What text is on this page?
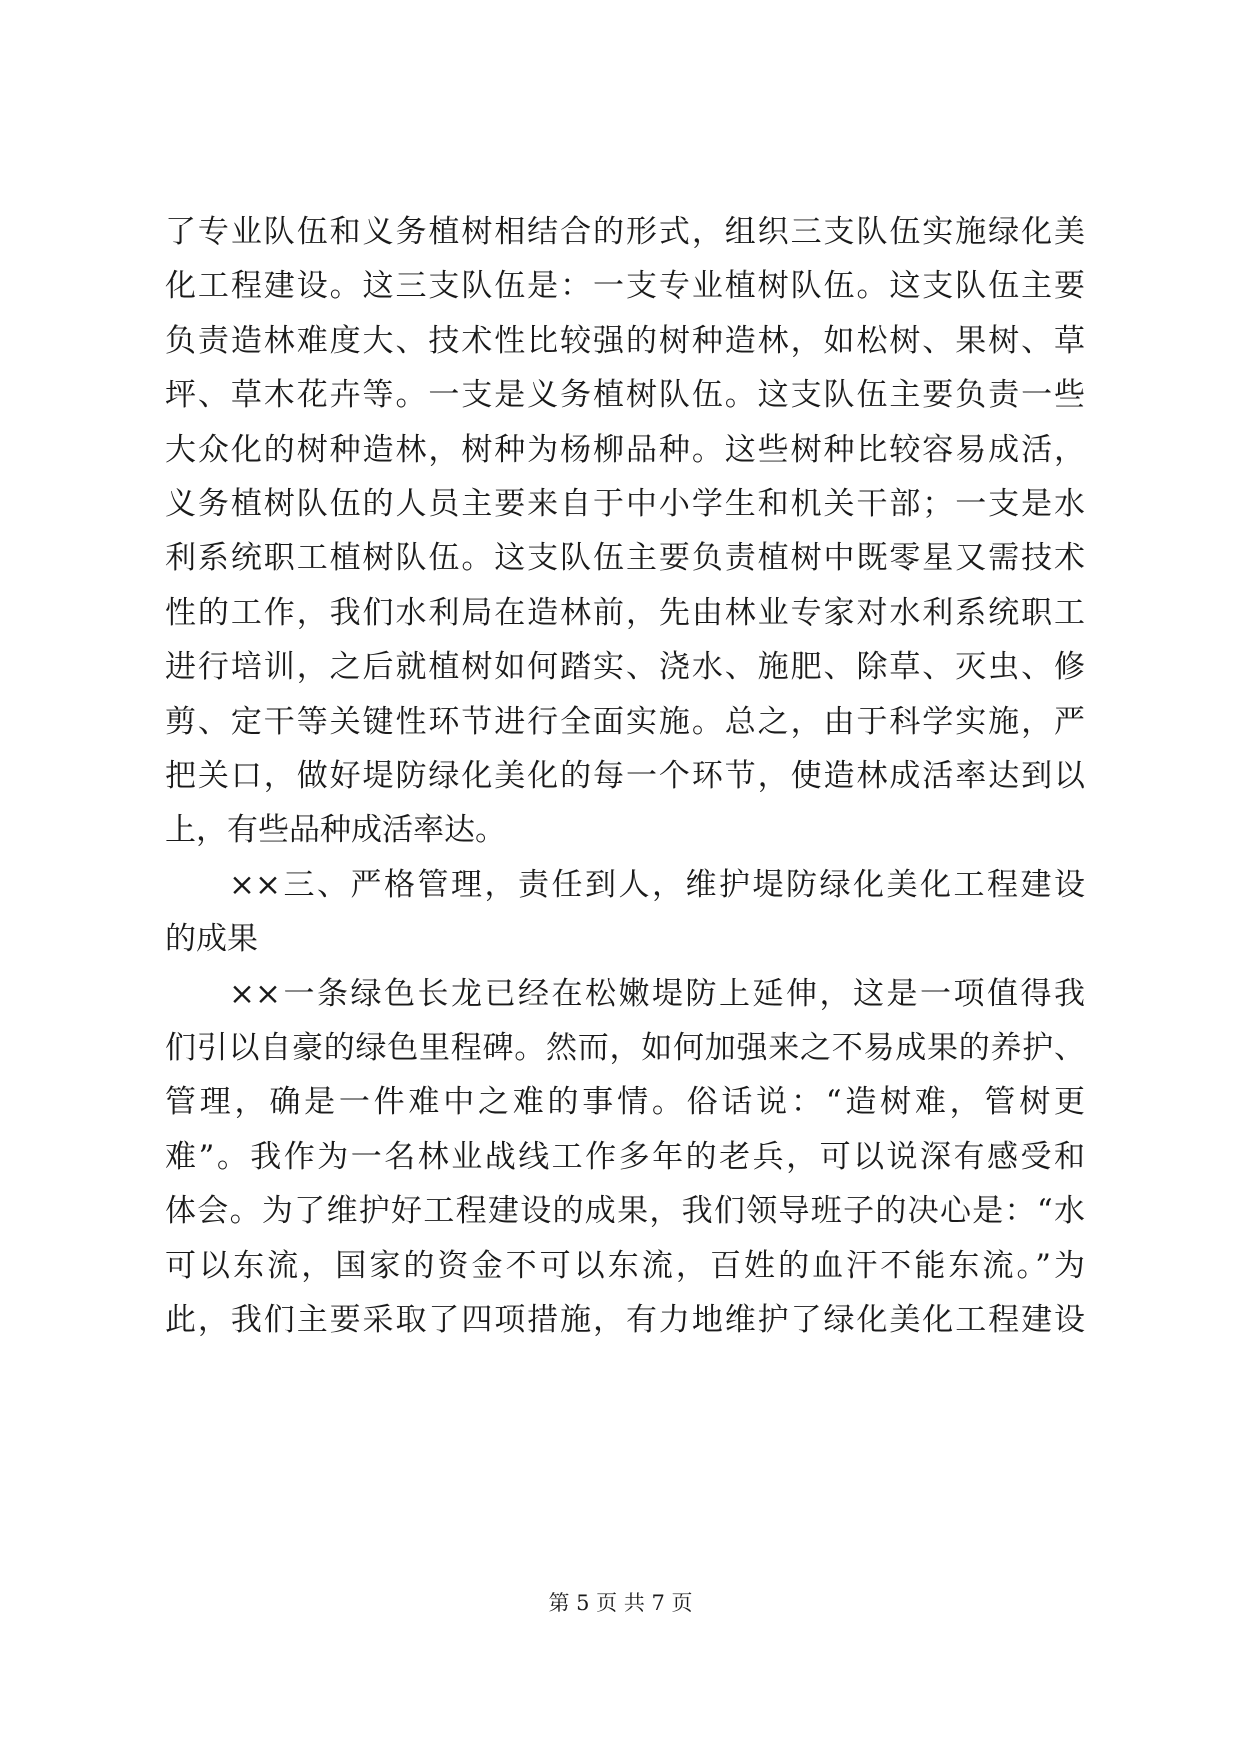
了专业队伍和义务植树相结合的形式，组织三支队伍实施绿化美
化工程建设。这三支队伍是：一支专业植树队伍。这支队伍主要
负责造林难度大、技术性比较强的树种造林，如松树、果树、草
坪、草木花卉等。一支是义务植树队伍。这支队伍主要负责一些
大众化的树种造林，树种为杨柳品种。这些树种比较容易成活，
义务植树队伍的人员主要来自于中小学生和机关干部；一支是水
利系统职工植树队伍。这支队伍主要负责植树中既零星又需技术
性的工作，我们水利局在造林前，先由林业专家对水利系统职工
进行培训，之后就植树如何踏实、浇水、施肥、除草、灭虫、修
剪、定干等关键性环节进行全面实施。总之，由于科学实施，严
把关口，做好堤防绿化美化的每一个环节，使造林成活率达到以
上，有些品种成活率达。
××三、严格管理，责任到人，维护堤防绿化美化工程建设
的成果
××一条绿色长龙已经在松嫩堤防上延伸，这是一项值得我
们引以自豪的绿色里程碑。然而，如何加强来之不易成果的养护、
管理，确是一件难中之难的事情。俗话说：“造树难，管树更
难”。我作为一名林业战线工作多年的老兵，可以说深有感受和
体会。为了维护好工程建设的成果，我们领导班子的决心是：“水
可以东流，国家的资金不可以东流，百姓的血汗不能东流。”为
此，我们主要采取了四项措施，有力地维护了绿化美化工程建设
第 5 页 共 7 页
